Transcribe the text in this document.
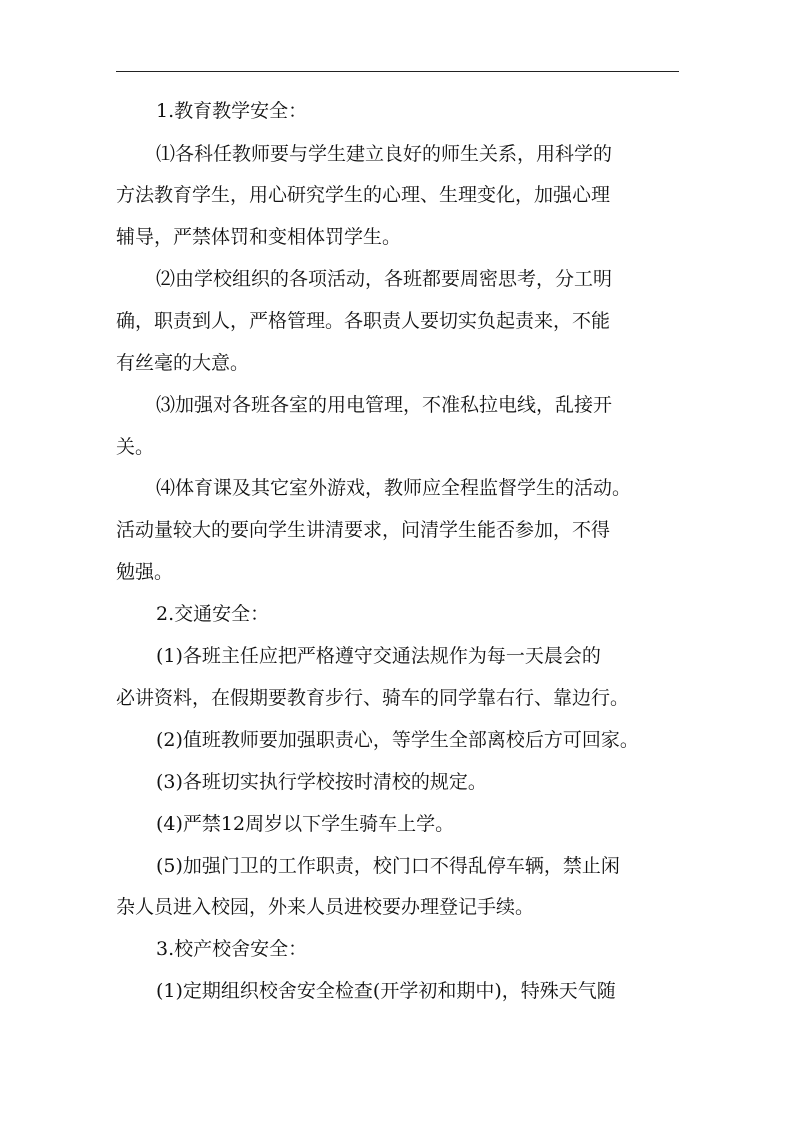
1.教育教学安全：
⑴各科任教师要与学生建立良好的师生关系，用科学的
方法教育学生，用心研究学生的心理、生理变化，加强心理
辅导，严禁体罚和变相体罚学生。
⑵由学校组织的各项活动，各班都要周密思考，分工明
确，职责到人，严格管理。各职责人要切实负起责来，不能
有丝毫的大意。
⑶加强对各班各室的用电管理，不准私拉电线，乱接开
关。
⑷体育课及其它室外游戏，教师应全程监督学生的活动。
活动量较大的要向学生讲清要求，问清学生能否参加，不得
勉强。
2.交通安全：
(1)各班主任应把严格遵守交通法规作为每一天晨会的
必讲资料，在假期要教育步行、骑车的同学靠右行、靠边行。
(2)值班教师要加强职责心，等学生全部离校后方可回家。
(3)各班切实执行学校按时清校的规定。
(4)严禁12周岁以下学生骑车上学。
(5)加强门卫的工作职责，校门口不得乱停车辆，禁止闲
杂人员进入校园，外来人员进校要办理登记手续。
3.校产校舍安全：
(1)定期组织校舍安全检查(开学初和期中)，特殊天气随
